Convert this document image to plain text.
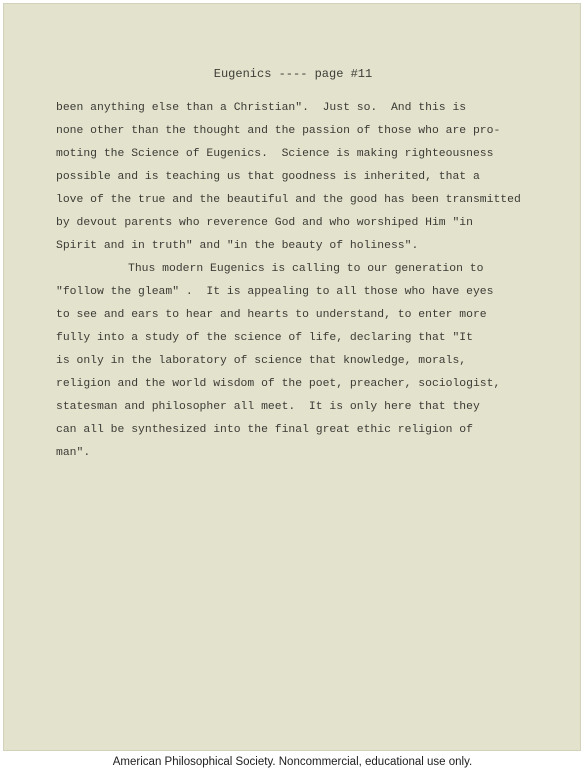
Eugenics ---- page #11
been anything else than a Christian".  Just so.  And this is
none other than the thought and the passion of those who are pro-
moting the Science of Eugenics.  Science is making righteousness
possible and is teaching us that goodness is inherited, that a
love of the true and the beautiful and the good has been transmitted
by devout parents who reverence God and who worshiped Him "in
Spirit and in truth" and "in the beauty of holiness".
Thus modern Eugenics is calling to our generation to
"follow the gleam" .  It is appealing to all those who have eyes
to see and ears to hear and hearts to understand, to enter more
fully into a study of the science of life, declaring that "It
is only in the laboratory of science that knowledge, morals,
religion and the world wisdom of the poet, preacher, sociologist,
statesman and philosopher all meet.  It is only here that they
can all be synthesized into the final great ethic religion of
man".
American Philosophical Society. Noncommercial, educational use only.
